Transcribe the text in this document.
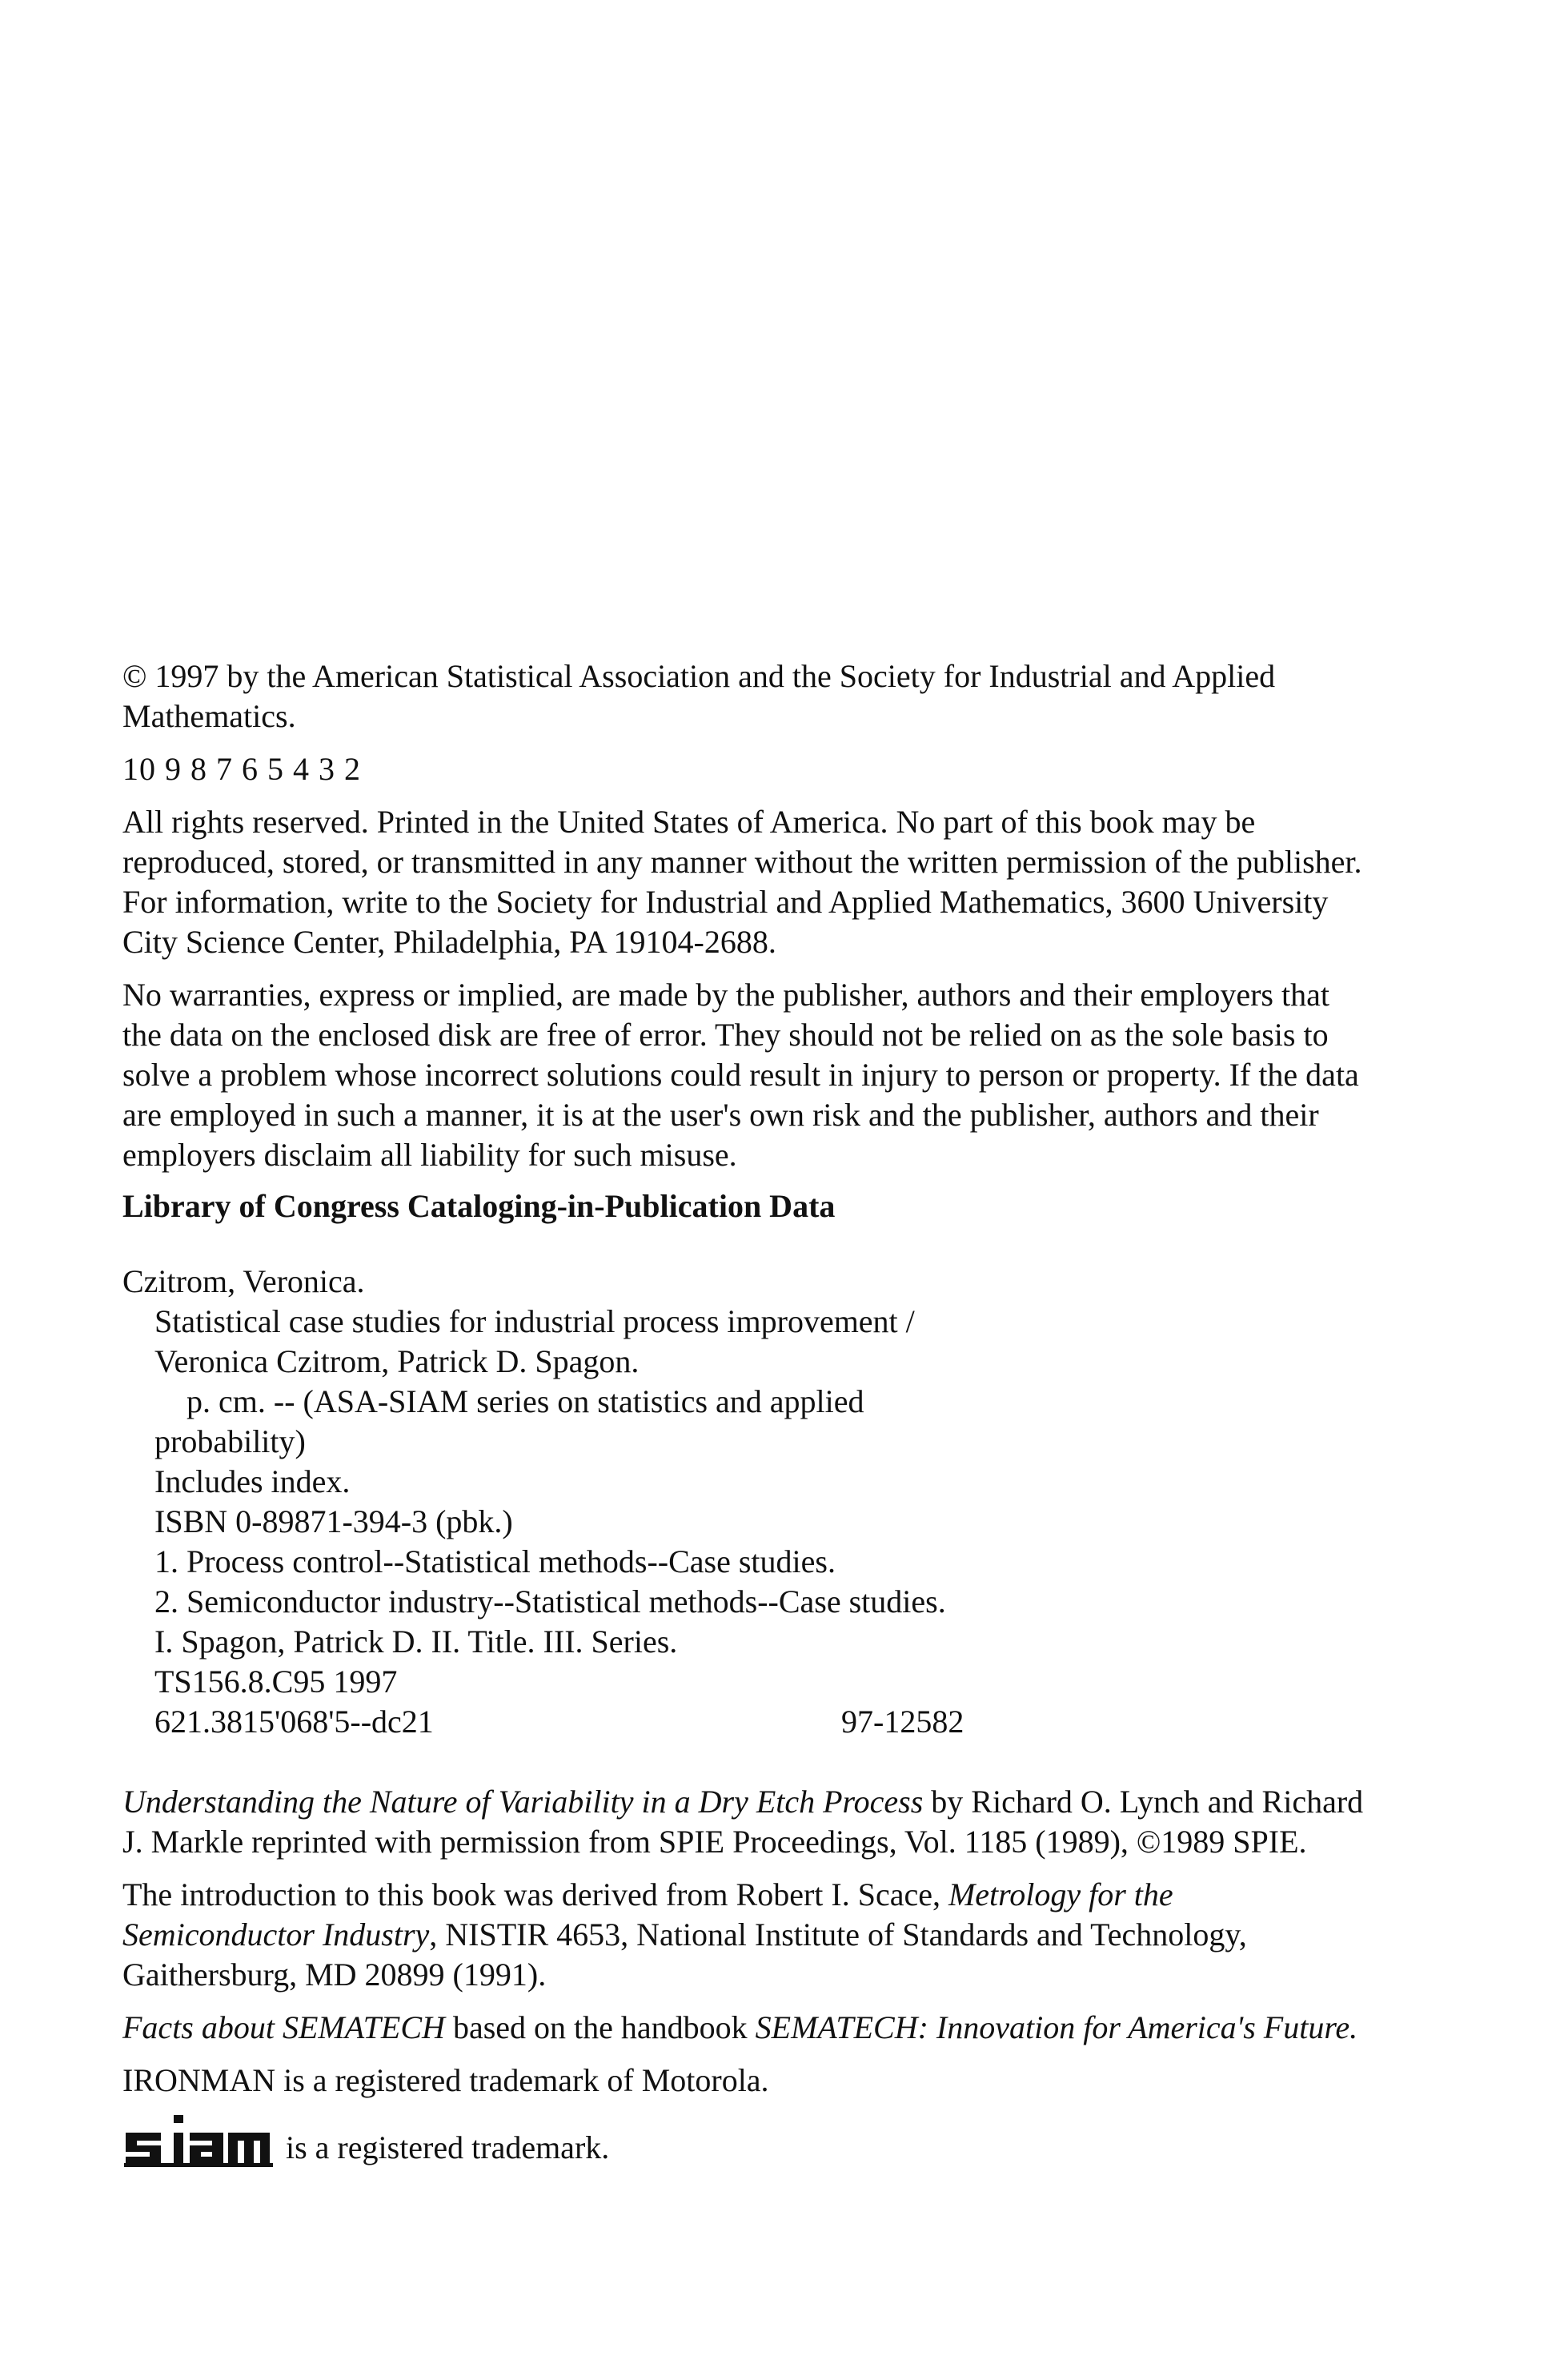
© 1997 by the American Statistical Association and the Society for Industrial and Applied Mathematics.

10 9 8 7 6 5 4 3 2

All rights reserved. Printed in the United States of America. No part of this book may be reproduced, stored, or transmitted in any manner without the written permission of the publisher. For information, write to the Society for Industrial and Applied Mathematics, 3600 University City Science Center, Philadelphia, PA 19104-2688.

No warranties, express or implied, are made by the publisher, authors and their employers that the data on the enclosed disk are free of error. They should not be relied on as the sole basis to solve a problem whose incorrect solutions could result in injury to person or property. If the data are employed in such a manner, it is at the user's own risk and the publisher, authors and their employers disclaim all liability for such misuse.

Library of Congress Cataloging-in-Publication Data

Czitrom, Veronica.
Statistical case studies for industrial process improvement /
Veronica Czitrom, Patrick D. Spagon.
p. cm. -- (ASA-SIAM series on statistics and applied
probability)
Includes index.
ISBN 0-89871-394-3 (pbk.)
1. Process control--Statistical methods--Case studies.
2. Semiconductor industry--Statistical methods--Case studies.
I. Spagon, Patrick D. II. Title. III. Series.
TS156.8.C95 1997
621.3815'068'5--dc21	97-12582

Understanding the Nature of Variability in a Dry Etch Process by Richard O. Lynch and Richard J. Markle reprinted with permission from SPIE Proceedings, Vol. 1185 (1989), ©1989 SPIE.

The introduction to this book was derived from Robert I. Scace, Metrology for the Semiconductor Industry, NISTIR 4653, National Institute of Standards and Technology, Gaithersburg, MD 20899 (1991).

Facts about SEMATECH based on the handbook SEMATECH: Innovation for America's Future.

IRONMAN is a registered trademark of Motorola.

is a registered trademark.
